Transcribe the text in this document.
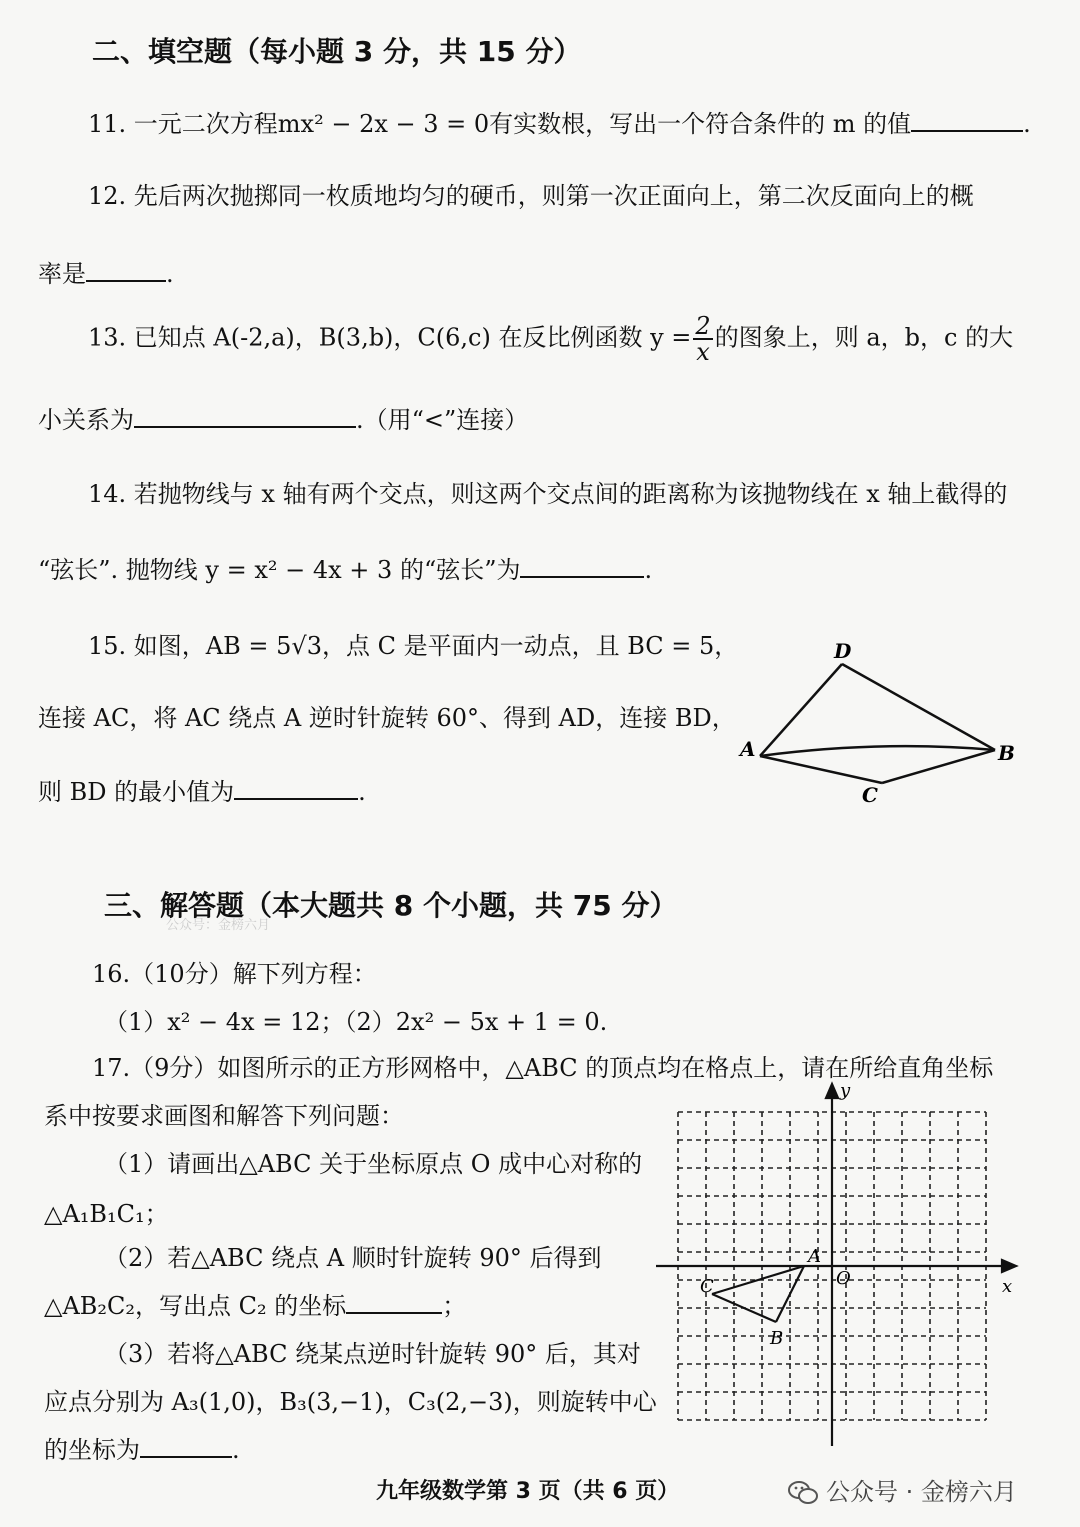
二、填空题（每小题 3 分，共 15 分）
11. 一元二次方程mx² − 2x − 3 = 0有实数根，写出一个符合条件的 m 的值	.
12. 先后两次抛掷同一枚质地均匀的硬币，则第一次正面向上，第二次反面向上的概
率是	.
13. 已知点 A(-2,a)，B(3,b)，C(6,c) 在反比例函数 $y = \frac{2}{x}$ 的图象上，则 a，b，c 的大
小关系为	.（用“<”连接）
14. 若抛物线与 x 轴有两个交点，则这两个交点间的距离称为该抛物线在 x 轴上截得的
“弦长”. 抛物线 y = x² − 4x + 3 的“弦长”为	.
15. 如图，AB = 5√3，点 C 是平面内一动点，且 BC = 5，
连接 AC，将 AC 绕点 A 逆时针旋转 60°、得到 AD，连接 BD，
则 BD 的最小值为	.
D
A	B
C
三、解答题（本大题共 8 个小题，共 75 分）
公众号：金榜六月
16.（10分）解下列方程：
（1）x² − 4x = 12；（2）2x² − 5x + 1 = 0.
17.（9分）如图所示的正方形网格中，△ABC 的顶点均在格点上，请在所给直角坐标
系中按要求画图和解答下列问题：
（1）请画出△ABC 关于坐标原点 O 成中心对称的
△A₁B₁C₁；
（2）若△ABC 绕点 A 顺时针旋转 90° 后得到
△AB₂C₂，写出点 C₂ 的坐标	；
（3）若将△ABC 绕某点逆时针旋转 90° 后，其对
应点分别为 A₃(1,0)，B₃(3,−1)，C₃(2,−3)，则旋转中心
的坐标为	.
y
x
O
A
B
C
九年级数学第 3 页（共 6 页）	公众号 · 金榜六月
